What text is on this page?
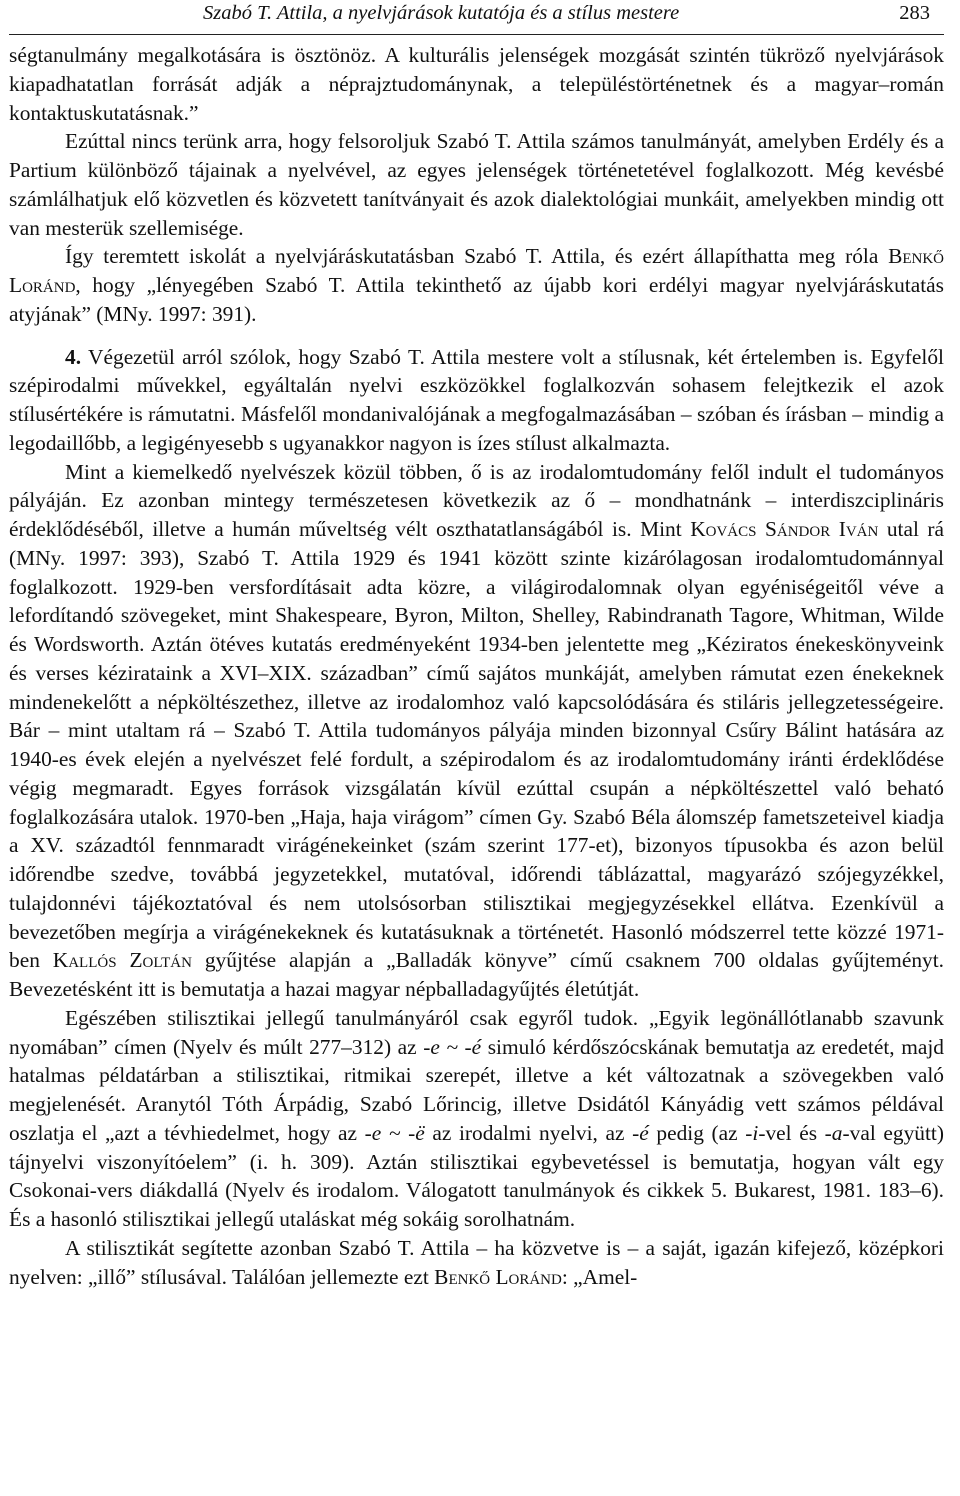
Szabó T. Attila, a nyelvjárások kutatója és a stílus mestere	283

ségtanulmány megalkotására is ösztönöz. A kulturális jelenségek mozgását szintén tükröző nyelvjárások kiapadhatatlan forrását adják a néprajztudománynak, a településtörténetnek és a magyar–román kontaktuskutatásnak.”

Ezúttal nincs terünk arra, hogy felsoroljuk Szabó T. Attila számos tanulmányát, amelyben Erdély és a Partium különböző tájainak a nyelvével, az egyes jelenségek történetetével foglalkozott. Még kevésbé számlálhatjuk elő közvetlen és közvetett tanítványait és azok dialektológiai munkáit, amelyekben mindig ott van mesterük szellemisége.

Így teremtett iskolát a nyelvjáráskutatásban Szabó T. Attila, és ezért állapíthatta meg róla Benkő Loránd, hogy „lényegében Szabó T. Attila tekinthető az újabb kori erdélyi magyar nyelvjáráskutatás atyjának” (MNy. 1997: 391).

4. Végezetül arról szólok, hogy Szabó T. Attila mestere volt a stílusnak, két értelemben is. Egyfelől szépirodalmi művekkel, egyáltalán nyelvi eszközökkel foglalkozván sohasem felejtkezik el azok stílusértékére is rámutatni. Másfelől mondanivalójának a megfogalmazásában – szóban és írásban – mindig a legodaillőbb, a legigényesebb s ugyanakkor nagyon is ízes stílust alkalmazta.

Mint a kiemelkedő nyelvészek közül többen, ő is az irodalomtudomány felől indult el tudományos pályáján. Ez azonban mintegy természetesen következik az ő – mondhatnánk – interdiszciplináris érdeklődéséből, illetve a humán műveltség vélt oszthatatlanságából is. Mint Kovács Sándor Iván utal rá (MNy. 1997: 393), Szabó T. Attila 1929 és 1941 között szinte kizárólagosan irodalomtudománnyal foglalkozott. 1929-ben versfordításait adta közre, a világirodalomnak olyan egyéniségeitől véve a lefordítandó szövegeket, mint Shakespeare, Byron, Milton, Shelley, Rabindranath Tagore, Whitman, Wilde és Wordsworth. Aztán ötéves kutatás eredményeként 1934-ben jelentette meg „Kéziratos énekeskönyveink és verses kézirataink a XVI–XIX. században” című sajátos munkáját, amelyben rámutat ezen énekeknek mindenekelőtt a népköltészethez, illetve az irodalomhoz való kapcsolódására és stiláris jellegzetességeire. Bár – mint utaltam rá – Szabó T. Attila tudományos pályája minden bizonnyal Csűry Bálint hatására az 1940-es évek elején a nyelvészet felé fordult, a szépirodalom és az irodalomtudomány iránti érdeklődése végig megmaradt. Egyes források vizsgálatán kívül ezúttal csupán a népköltészettel való beható foglalkozására utalok. 1970-ben „Haja, haja virágom” címen Gy. Szabó Béla álomszép fametszeteivel kiadja a XV. századtól fennmaradt virágénekeinket (szám szerint 177-et), bizonyos típusokba és azon belül időrendbe szedve, továbbá jegyzetekkel, mutatóval, időrendi táblázattal, magyarázó szójegyzékkel, tulajdonnévi tájékoztatóval és nem utolsósorban stilisztikai megjegyzésekkel ellátva. Ezenkívül a bevezetőben megírja a virágénekeknek és kutatásuknak a történetét. Hasonló módszerrel tette közzé 1971-ben Kallós Zoltán gyűjtése alapján a „Balladák könyve” című csaknem 700 oldalas gyűjteményt. Bevezetésként itt is bemutatja a hazai magyar népballadagyűjtés életútját.

Egészében stilisztikai jellegű tanulmányáról csak egyről tudok. „Egyik legönállótlanabb szavunk nyomában” címen (Nyelv és múlt 277–312) az -e ~ -é simuló kérdőszócskának bemutatja az eredetét, majd hatalmas példatárban a stilisztikai, ritmikai szerepét, illetve a két változatnak a szövegekben való megjelenését. Aranytól Tóth Árpádig, Szabó Lőrincig, illetve Dsidától Kányádig vett számos példával oszlatja el „azt a tévhiedelmet, hogy az -e ~ -ë az irodalmi nyelvi, az -é pedig (az -i-vel és -a-val együtt) tájnyelvi viszonyítóelem” (i. h. 309). Aztán stilisztikai egybevetéssel is bemutatja, hogyan vált egy Csokonai-vers diákdallá (Nyelv és irodalom. Válogatott tanulmányok és cikkek 5. Bukarest, 1981. 183–6). És a hasonló stilisztikai jellegű utaláskat még sokáig sorolhatnám.

A stilisztikát segítette azonban Szabó T. Attila – ha közvetve is – a saját, igazán kifejező, középkori nyelven: „illő” stílusával. Találóan jellemezte ezt Benkő Loránd: „Amel-
